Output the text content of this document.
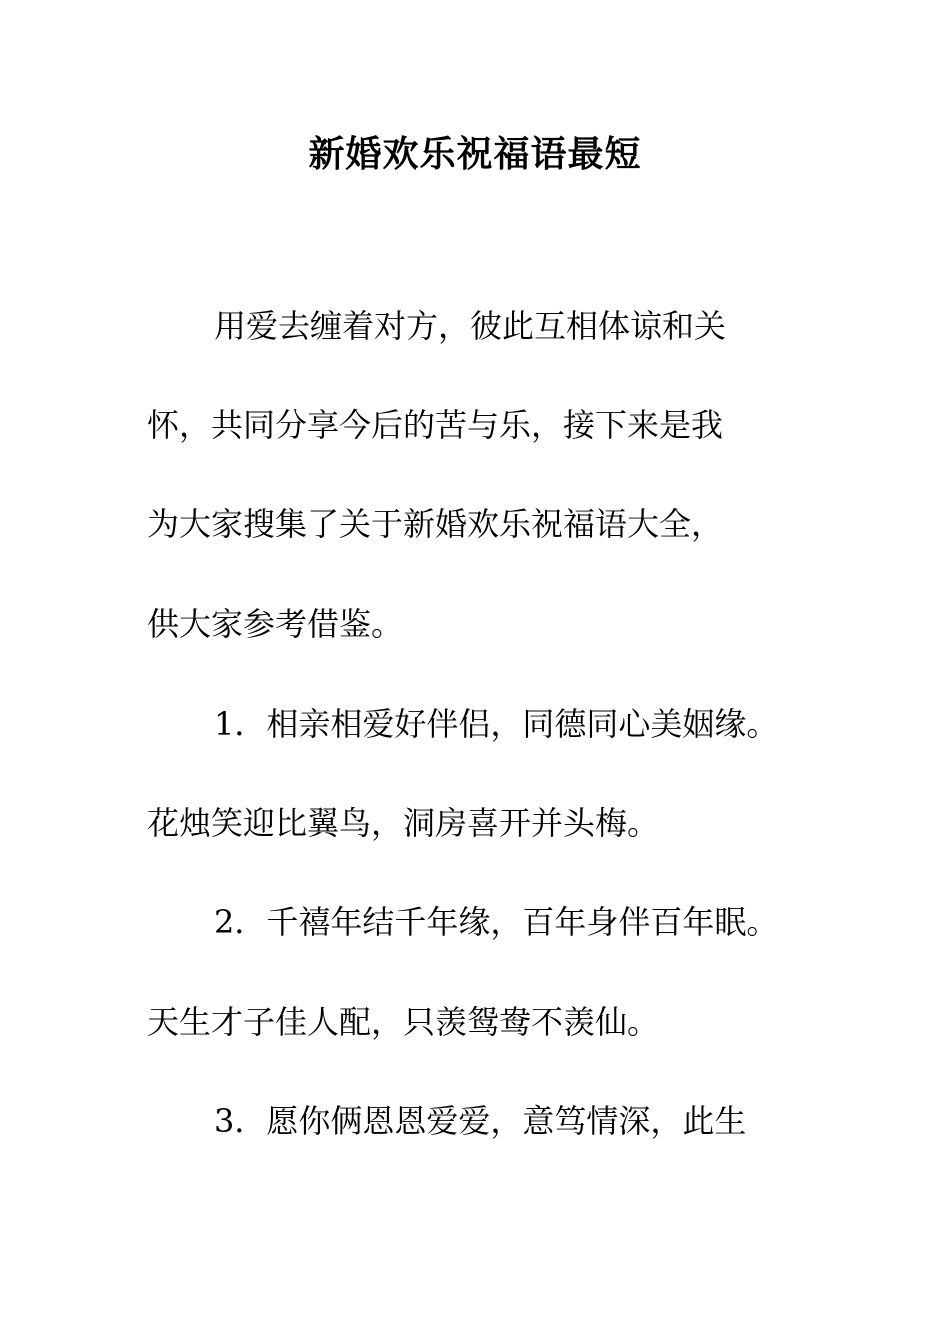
新婚欢乐祝福语最短
用爱去缠着对方，彼此互相体谅和关
怀，共同分享今后的苦与乐，接下来是我
为大家搜集了关于新婚欢乐祝福语大全，
供大家参考借鉴。
1．相亲相爱好伴侣，同德同心美姻缘。
花烛笑迎比翼鸟，洞房喜开并头梅。
2．千禧年结千年缘，百年身伴百年眠。
天生才子佳人配，只羡鸳鸯不羡仙。
3．愿你俩恩恩爱爱，意笃情深，此生
